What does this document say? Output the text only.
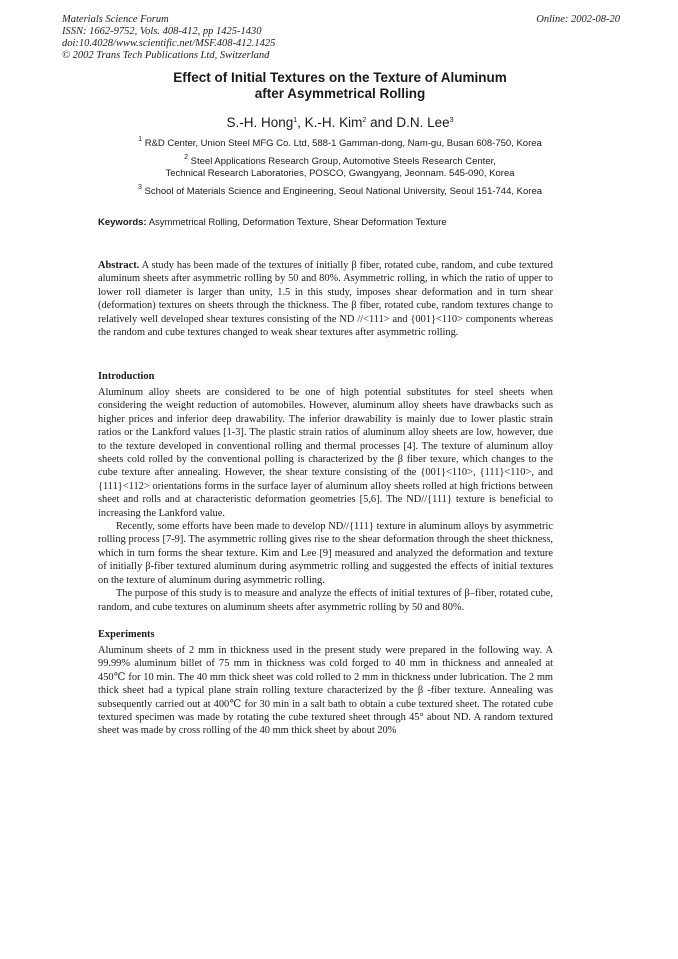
Materials Science Forum
ISSN: 1662-9752, Vols. 408-412, pp 1425-1430
doi:10.4028/www.scientific.net/MSF.408-412.1425
© 2002 Trans Tech Publications Ltd, Switzerland
Online: 2002-08-20
Effect of Initial Textures on the Texture of Aluminum
after Asymmetrical Rolling
S.-H. Hong$^1$, K.-H. Kim$^2$ and D.N. Lee$^3$
$^1$ R&D Center, Union Steel MFG Co. Ltd, 588-1 Gamman-dong, Nam-gu, Busan 608-750, Korea
$^2$ Steel Applications Research Group, Automotive Steels Research Center,
Technical Research Laboratories, POSCO, Gwangyang, Jeonnam. 545-090, Korea
$^3$ School of Materials Science and Engineering, Seoul National University, Seoul 151-744, Korea
Keywords: Asymmetrical Rolling, Deformation Texture, Shear Deformation Texture

Abstract. A study has been made of the textures of initially β fiber, rotated cube, random, and cube textured aluminum sheets after asymmetric rolling by 50 and 80%. Asymmetric rolling, in which the ratio of upper to lower roll diameter is larger than unity, 1.5 in this study, imposes shear deformation and in turn shear (deformation) textures on sheets through the thickness. The β fiber, rotated cube, random textures change to relatively well developed shear textures consisting of the ND //<111> and {001}<110> components whereas the random and cube textures changed to weak shear textures after asymmetric rolling.

Introduction

Aluminum alloy sheets are considered to be one of high potential substitutes for steel sheets when considering the weight reduction of automobiles. However, aluminum alloy sheets have drawbacks such as higher prices and inferior deep drawability. The inferior drawability is mainly due to lower plastic strain ratios or the Lankford values [1-3]. The plastic strain ratios of aluminum alloy sheets are low, however, due to the texture developed in conventional rolling and thermal processes [4]. The texture of aluminum alloy sheets cold rolled by the conventional polling is characterized by the β fiber texure, which changes to the cube texture after annealing. However, the shear texture consisting of the {001}<110>, {111}<110>, and {111}<112> orientations forms in the surface layer of aluminum alloy sheets rolled at high frictions between sheet and rolls and at characteristic deformation geometries [5,6]. The ND//{111} texture is beneficial to increasing the Lankford value.

Recently, some efforts have been made to develop ND//{111} texture in aluminum alloys by asymmetric rolling process [7-9]. The asymmetric rolling gives rise to the shear deformation through the sheet thickness, which in turn forms the shear texture. Kim and Lee [9] measured and analyzed the deformation and texture of initially β-fiber textured aluminum during asymmetric rolling and suggested the effects of initial textures on the texture of aluminum during asymmetric rolling.

The purpose of this study is to measure and analyze the effects of initial textures of β–fiber, rotated cube, random, and cube textures on aluminum sheets after asymmetric rolling by 50 and 80%.

Experiments

Aluminum sheets of 2 mm in thickness used in the present study were prepared in the following way. A 99.99% aluminum billet of 75 mm in thickness was cold forged to 40 mm in thickness and annealed at 450℃ for 10 min. The 40 mm thick sheet was cold rolled to 2 mm in thickness under lubrication. The 2 mm thick sheet had a typical plane strain rolling texture characterized by the β -fiber texture. Annealing was subsequently carried out at 400℃ for 30 min in a salt bath to obtain a cube textured sheet. The rotated cube textured specimen was made by rotating the cube textured sheet through 45° about ND. A random textured sheet was made by cross rolling of the 40 mm thick sheet by about 20%
